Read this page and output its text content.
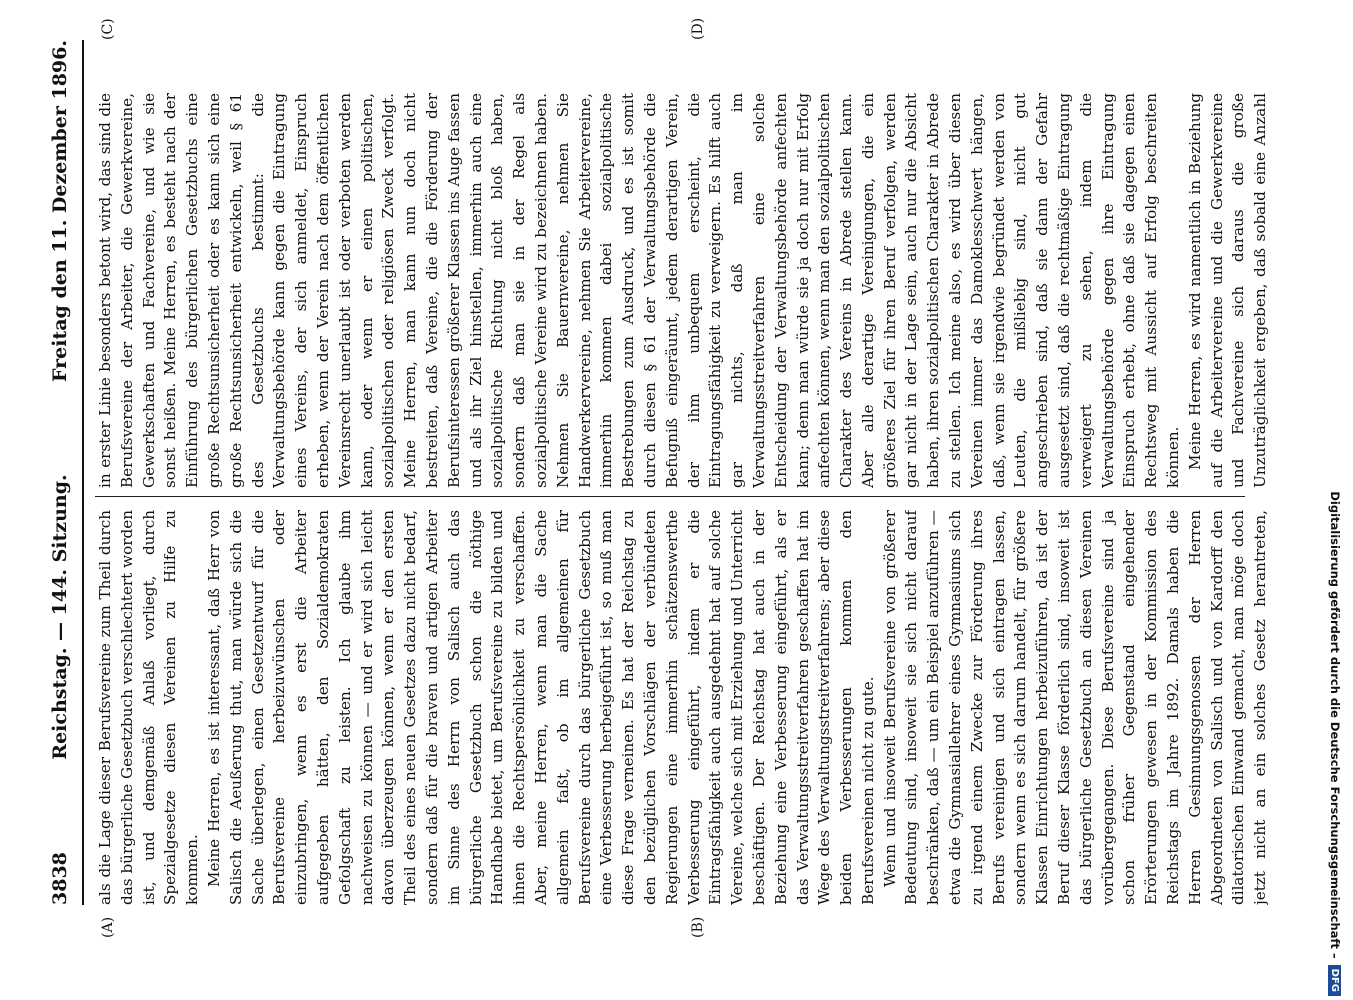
3838
Reichstag. — 144. Sitzung.
Freitag den 11. Dezember 1896.
(A)	(B)
(C)	(D)

als die Lage dieser Berufsvereine zum Theil durch das bürgerliche Gesetzbuch verschlechtert worden ist, und demgemäß Anlaß vorliegt, durch Spezialgesetze diesen Vereinen zu Hilfe zu kommen. Meine Herren, es ist interessant, daß Herr von Salisch die Aeußerung thut, man würde sich die Sache überlegen, einen Gesetzentwurf für die Berufsvereine herbeizuwünschen oder einzubringen, wenn es erst die Arbeiter aufgegeben hätten, den Sozialdemokraten Gefolgschaft zu leisten. Ich glaube ihm nachweisen zu können — und er wird sich leicht davon überzeugen können, wenn er den ersten Theil des eines neuen Gesetzes dazu nicht bedarf, sondern daß für die braven und artigen Arbeiter im Sinne des Herrn von Salisch auch das bürgerliche Gesetzbuch schon die nöthige Handhabe bietet, um Berufsvereine zu bilden und ihnen die Rechtspersönlichkeit zu verschaffen. Aber, meine Herren, wenn man die Sache allgemein faßt, ob im allgemeinen für Berufsvereine durch das bürgerliche Gesetzbuch eine Verbesserung herbeigeführt ist, so muß man diese Frage verneinen. Es hat der Reichstag zu den bezüglichen Vorschlägen der verbündeten Regierungen eine immerhin schätzenswerthe Verbesserung eingeführt, indem er die Eintragsfähigkeit auch ausgedehnt hat auf solche Vereine, welche sich mit Erziehung und Unterricht beschäftigen. Der Reichstag hat auch in der Beziehung eine Verbesserung eingeführt, als er das Verwaltungsstreitverfahren geschaffen hat im Wege des Verwaltungsstreitverfahrens; aber diese beiden Verbesserungen kommen den Berufsvereinen nicht zu gute. Wenn und insoweit Berufsvereine von größerer Bedeutung sind, insoweit sie sich nicht darauf beschränken, daß — um ein Beispiel anzuführen — etwa die Gymnasiallehrer eines Gymnasiums sich zu irgend einem Zwecke zur Förderung ihres Berufs vereinigen und sich eintragen lassen, sondern wenn es sich darum handelt, für größere Klassen Einrichtungen herbeizuführen, da ist der Beruf dieser Klasse förderlich sind, insoweit ist das bürgerliche Gesetzbuch an diesen Vereinen vorübergegangen. Diese Berufsvereine sind ja schon früher Gegenstand eingehender Erörterungen gewesen in der Kommission des Reichstags im Jahre 1892. Damals haben die Herren Gesinnungsgenossen der Herren Abgeordneten von Salisch und von Kardorff den dilatorischen Einwand gemacht, man möge doch jetzt nicht an ein solches Gesetz herantreten,

in erster Linie besonders betont wird, das sind die Berufsvereine der Arbeiter, die Gewerkvereine, Gewerkschaften und Fachvereine, und wie sie sonst heißen. Meine Herren, es besteht nach der Einführung des bürgerlichen Gesetzbuchs eine große Rechtsunsicherheit oder es kann sich eine große Rechtsunsicherheit entwickeln, weil § 61 des Gesetzbuchs bestimmt: die Verwaltungsbehörde kann gegen die Eintragung eines Vereins, der sich anmeldet, Einspruch erheben, wenn der Verein nach dem öffentlichen Vereinsrecht unerlaubt ist oder verboten werden kann, oder wenn er einen politischen, sozialpolitischen oder religiösen Zweck verfolgt. Meine Herren, man kann nun doch nicht bestreiten, daß Vereine, die die Förderung der Berufsinteressen größerer Klassen ins Auge fassen und als ihr Ziel hinstellen, immerhin auch eine sozialpolitische Richtung nicht bloß haben, sondern daß man sie in der Regel als sozialpolitische Vereine wird zu bezeichnen haben. Nehmen Sie Bauernvereine, nehmen Sie Handwerkervereine, nehmen Sie Arbeitervereine, immerhin kommen dabei sozialpolitische Bestrebungen zum Ausdruck, und es ist somit durch diesen § 61 der Verwaltungsbehörde die Befugniß eingeräumt, jedem derartigen Verein, der ihm unbequem erscheint, die Eintragungsfähigkeit zu verweigern. Es hilft auch gar nichts, daß man im Verwaltungsstreitverfahren eine solche Entscheidung der Verwaltungsbehörde anfechten kann; denn man würde sie ja doch nur mit Erfolg anfechten können, wenn man den sozialpolitischen Charakter des Vereins in Abrede stellen kann. Aber alle derartige Vereinigungen, die ein größeres Ziel für ihren Beruf verfolgen, werden gar nicht in der Lage sein, auch nur die Absicht haben, ihren sozialpolitischen Charakter in Abrede zu stellen. Ich meine also, es wird über diesen Vereinen immer das Damoklesschwert hängen, daß, wenn sie irgendwie begründet werden von Leuten, die mißliebig sind, nicht gut angeschrieben sind, daß sie dann der Gefahr ausgesetzt sind, daß die rechtmäßige Eintragung verweigert zu sehen, indem die Verwaltungsbehörde gegen ihre Eintragung Einspruch erhebt, ohne daß sie dagegen einen Rechtsweg mit Aussicht auf Erfolg beschreiten können. Meine Herren, es wird namentlich in Beziehung auf die Arbeitervereine und die Gewerkvereine und Fachvereine sich daraus die große Unzuträglichkeit ergeben, daß sobald eine Anzahl

Digitalisierung gefördert durch die Deutsche Forschungsgemeinschaft –
DFG
